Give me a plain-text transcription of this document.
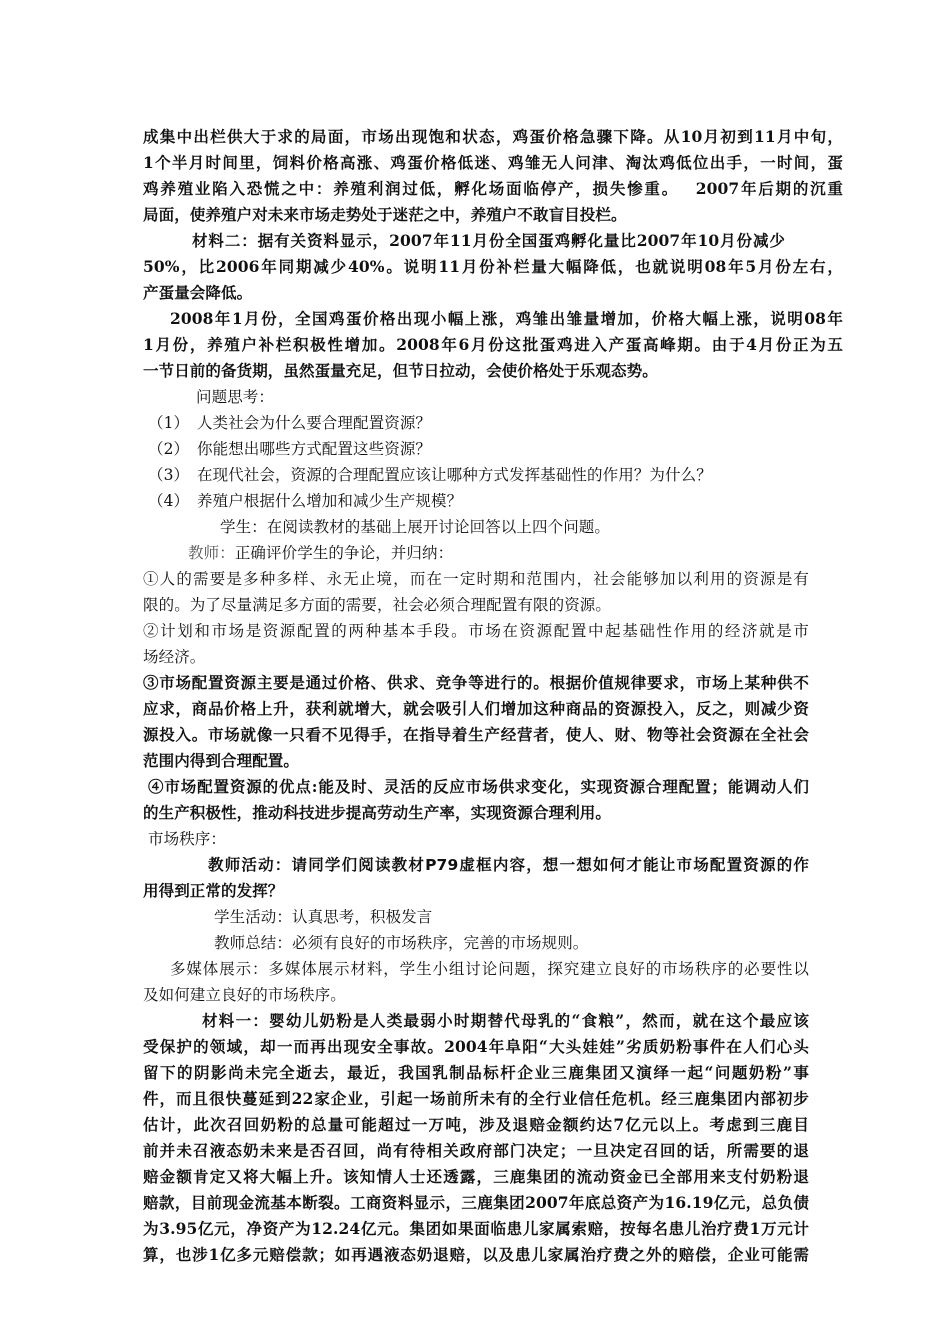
成集中出栏供大于求的局面，市场出现饱和状态，鸡蛋价格急骤下降。从10月初到11月中旬，
1个半月时间里，饲料价格高涨、鸡蛋价格低迷、鸡雏无人问津、淘汰鸡低位出手，一时间，蛋
鸡养殖业陷入恐慌之中：养殖利润过低，孵化场面临停产，损失惨重。　 2007年后期的沉重
局面，使养殖户对未来市场走势处于迷茫之中，养殖户不敢盲目投栏。
材料二：据有关资料显示，2007年11月份全国蛋鸡孵化量比2007年10月份减少
50%，比2006年同期减少40%。说明11月份补栏量大幅降低，也就说明08年5月份左右，
产蛋量会降低。
2008年1月份，全国鸡蛋价格出现小幅上涨，鸡雏出雏量增加，价格大幅上涨，说明08年
1月份，养殖户补栏积极性增加。2008年6月份这批蛋鸡进入产蛋高峰期。由于4月份正为五
一节日前的备货期，虽然蛋量充足，但节日拉动，会使价格处于乐观态势。
问题思考：
（1）　人类社会为什么要合理配置资源？
（2）　你能想出哪些方式配置这些资源？
（3）　在现代社会，资源的合理配置应该让哪种方式发挥基础性的作用？为什么？
（4）　养殖户根据什么增加和减少生产规模？
学生：在阅读教材的基础上展开讨论回答以上四个问题。
教师：正确评价学生的争论，并归纳：
①人的需要是多种多样、永无止境，而在一定时期和范围内，社会能够加以利用的资源是有
限的。为了尽量满足多方面的需要，社会必须合理配置有限的资源。
②计划和市场是资源配置的两种基本手段。市场在资源配置中起基础性作用的经济就是市
场经济。
③市场配置资源主要是通过价格、供求、竞争等进行的。根据价值规律要求，市场上某种供不
应求，商品价格上升，获利就增大，就会吸引人们增加这种商品的资源投入，反之，则减少资
源投入。市场就像一只看不见得手，在指导着生产经营者，使人、财、物等社会资源在全社会
范围内得到合理配置。
④市场配置资源的优点:能及时、灵活的反应市场供求变化，实现资源合理配置；能调动人们
的生产积极性，推动科技进步提高劳动生产率，实现资源合理利用。
市场秩序：
教师活动：请同学们阅读教材P79虚框内容，想一想如何才能让市场配置资源的作
用得到正常的发挥？
学生活动：认真思考，积极发言
教师总结：必须有良好的市场秩序，完善的市场规则。
多媒体展示：多媒体展示材料，学生小组讨论问题，探究建立良好的市场秩序的必要性以
及如何建立良好的市场秩序。
材料一：婴幼儿奶粉是人类最弱小时期替代母乳的“食粮”，然而，就在这个最应该
受保护的领域，却一而再出现安全事故。2004年阜阳“大头娃娃”劣质奶粉事件在人们心头
留下的阴影尚未完全逝去，最近，我国乳制品标杆企业三鹿集团又演绎一起“问题奶粉”事
件，而且很快蔓延到22家企业，引起一场前所未有的全行业信任危机。经三鹿集团内部初步
估计，此次召回奶粉的总量可能超过一万吨，涉及退赔金额约达7亿元以上。考虑到三鹿目
前并未召液态奶未来是否召回，尚有待相关政府部门决定；一旦决定召回的话，所需要的退
赔金额肯定又将大幅上升。该知情人士还透露，三鹿集团的流动资金已全部用来支付奶粉退
赔款，目前现金流基本断裂。工商资料显示，三鹿集团2007年底总资产为16.19亿元，总负债
为3.95亿元，净资产为12.24亿元。集团如果面临患儿家属索赔，按每名患儿治疗费1万元计
算，也涉1亿多元赔偿款；如再遇液态奶退赔，以及患儿家属治疗费之外的赔偿，企业可能需
